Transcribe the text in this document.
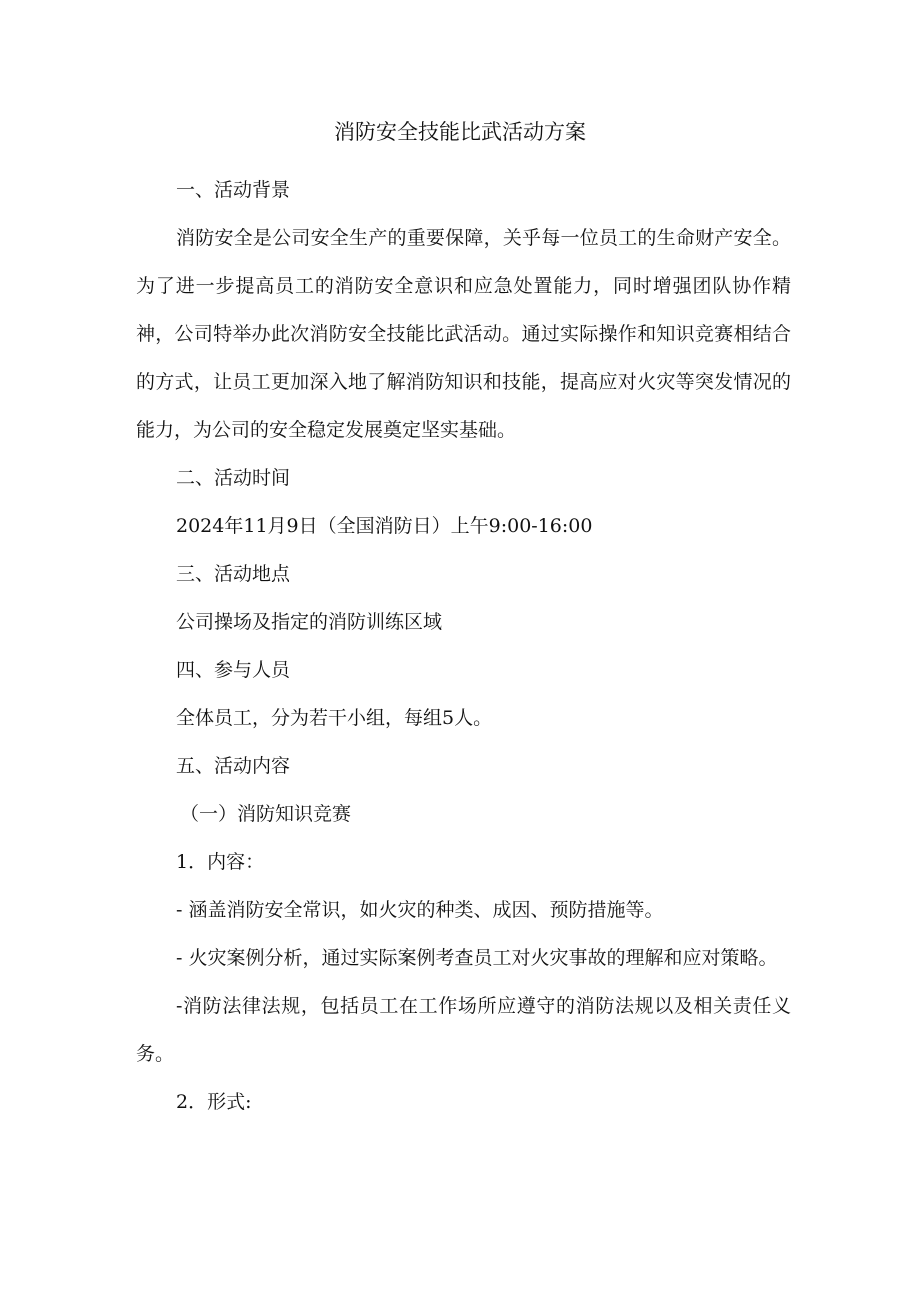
消防安全技能比武活动方案

一、活动背景

消防安全是公司安全生产的重要保障，关乎每一位员工的生命财产安全。为了进一步提高员工的消防安全意识和应急处置能力，同时增强团队协作精神，公司特举办此次消防安全技能比武活动。通过实际操作和知识竞赛相结合的方式，让员工更加深入地了解消防知识和技能，提高应对火灾等突发情况的能力，为公司的安全稳定发展奠定坚实基础。

二、活动时间

2024年11月9日（全国消防日）上午9:00-16:00

三、活动地点

公司操场及指定的消防训练区域

四、参与人员

全体员工，分为若干小组，每组5人。

五、活动内容

（一）消防知识竞赛

1．内容：

- 涵盖消防安全常识，如火灾的种类、成因、预防措施等。

- 火灾案例分析，通过实际案例考查员工对火灾事故的理解和应对策略。

-消防法律法规，包括员工在工作场所应遵守的消防法规以及相关责任义务。

2．形式:
